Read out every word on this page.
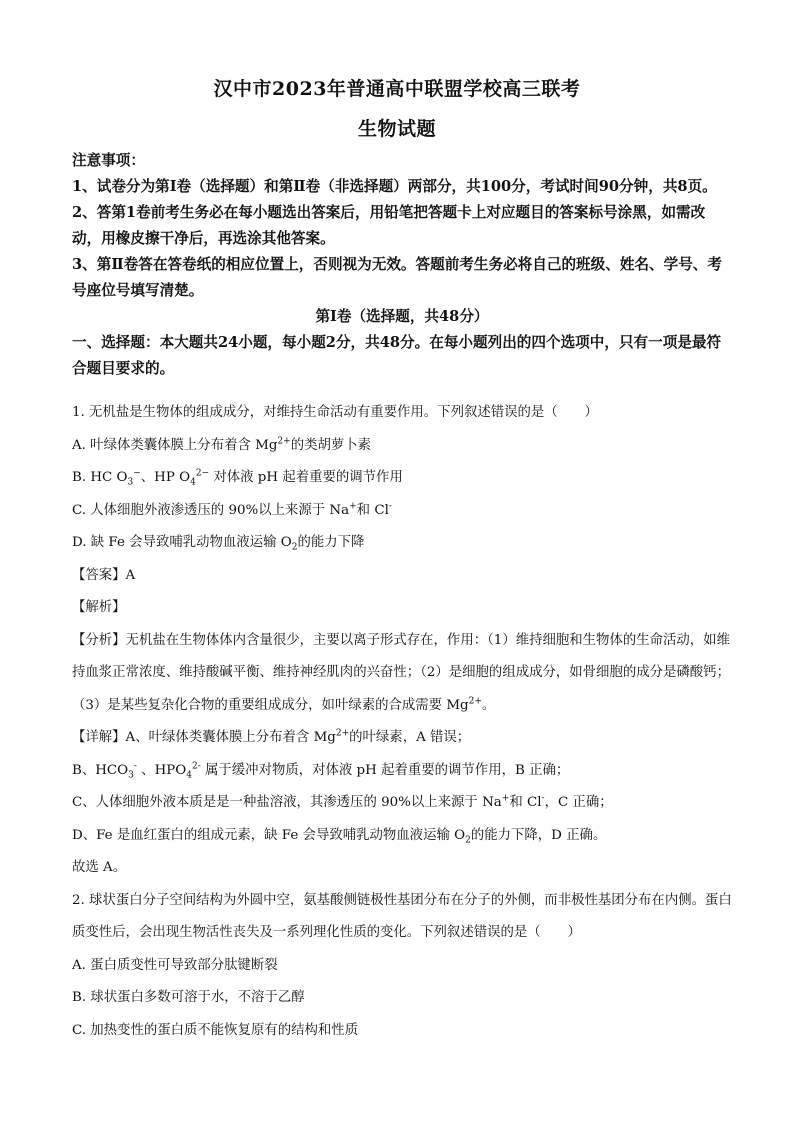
汉中市2023年普通高中联盟学校高三联考
生物试题

注意事项：

1、试卷分为第Ⅰ卷（选择题）和第Ⅱ卷（非选择题）两部分，共100分，考试时间90分钟，共8页。

2、答第1卷前考生务必在每小题选出答案后，用铅笔把答题卡上对应题目的答案标号涂黑，如需改动，用橡皮擦干净后，再选涂其他答案。

3、第Ⅱ卷答在答卷纸的相应位置上，否则视为无效。答题前考生务必将自己的班级、姓名、学号、考号座位号填写清楚。

第Ⅰ卷（选择题，共48分）

一、选择题：本大题共24小题，每小题2分，共48分。在每小题列出的四个选项中，只有一项是最符合题目要求的。

1. 无机盐是生物体的组成成分，对维持生命活动有重要作用。下列叙述错误的是（　　）

A. 叶绿体类囊体膜上分布着含 $Mg^{2+}$的类胡萝卜素

B. HC $O_3^-$、HP $O_4^{2-}$ 对体液 pH 起着重要的调节作用

C. 人体细胞外液渗透压的 90%以上来源于 Na+和 Cl-

D. 缺 Fe 会导致哺乳动物血液运输 $O_2$的能力下降

【答案】A

【解析】

【分析】无机盐在生物体体内含量很少，主要以离子形式存在，作用：（1）维持细胞和生物体的生命活动，如维持血浆正常浓度、维持酸碱平衡、维持神经肌肉的兴奋性；（2）是细胞的组成成分，如骨细胞的成分是磷酸钙；（3）是某些复杂化合物的重要组成成分，如叶绿素的合成需要 $Mg^{2+}$。

【详解】A、叶绿体类囊体膜上分布着含 $Mg^{2+}$的叶绿素，A 错误；

B、$HCO_3^-$ 、$HPO_4^{2-}$ 属于缓冲对物质，对体液 pH 起着重要的调节作用，B 正确；

C、人体细胞外液本质是是一种盐溶液，其渗透压的 90%以上来源于 Na+和 Cl-，C 正确；

D、Fe 是血红蛋白的组成元素，缺 Fe 会导致哺乳动物血液运输 $O_2$的能力下降，D 正确。

故选 A。

2. 球状蛋白分子空间结构为外圆中空，氨基酸侧链极性基团分布在分子的外侧，而非极性基团分布在内侧。蛋白质变性后，会出现生物活性丧失及一系列理化性质的变化。下列叙述错误的是（　　）

A. 蛋白质变性可导致部分肽键断裂

B. 球状蛋白多数可溶于水，不溶于乙醇

C. 加热变性的蛋白质不能恢复原有的结构和性质
